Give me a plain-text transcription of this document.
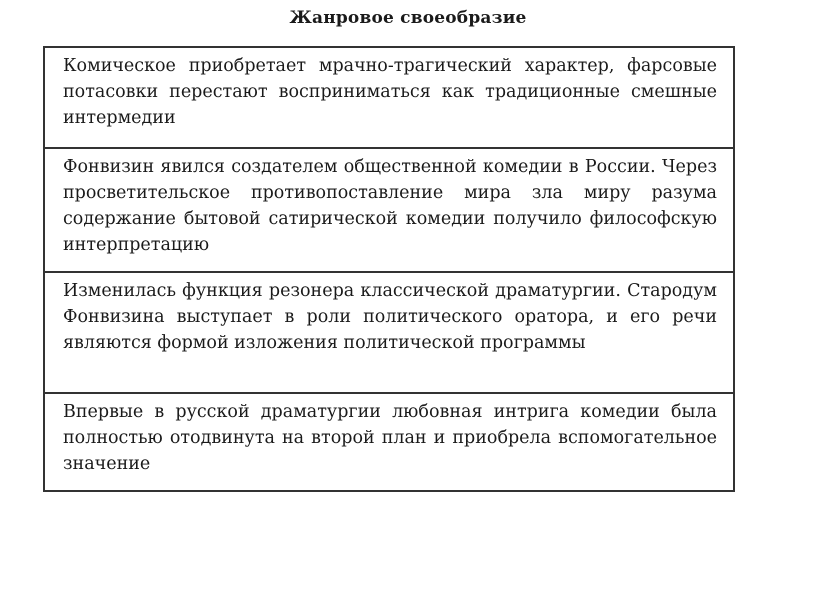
Жанровое своеобразие
Комическое приобретает мрачно-трагический характер, фарсовые потасовки перестают восприниматься как традиционные смешные интермедии
Фонвизин явился создателем общественной комедии в России. Через просветительское противопоставление мира зла миру разума содержание бытовой сатирической комедии получило философскую интерпретацию
Изменилась функция резонера классической драматургии. Стародум Фонвизина выступает в роли политического оратора, и его речи являются формой изложения политической программы
Впервые в русской драматургии любовная интрига комедии была полностью отодвинута на второй план и приобрела вспомогательное значение
